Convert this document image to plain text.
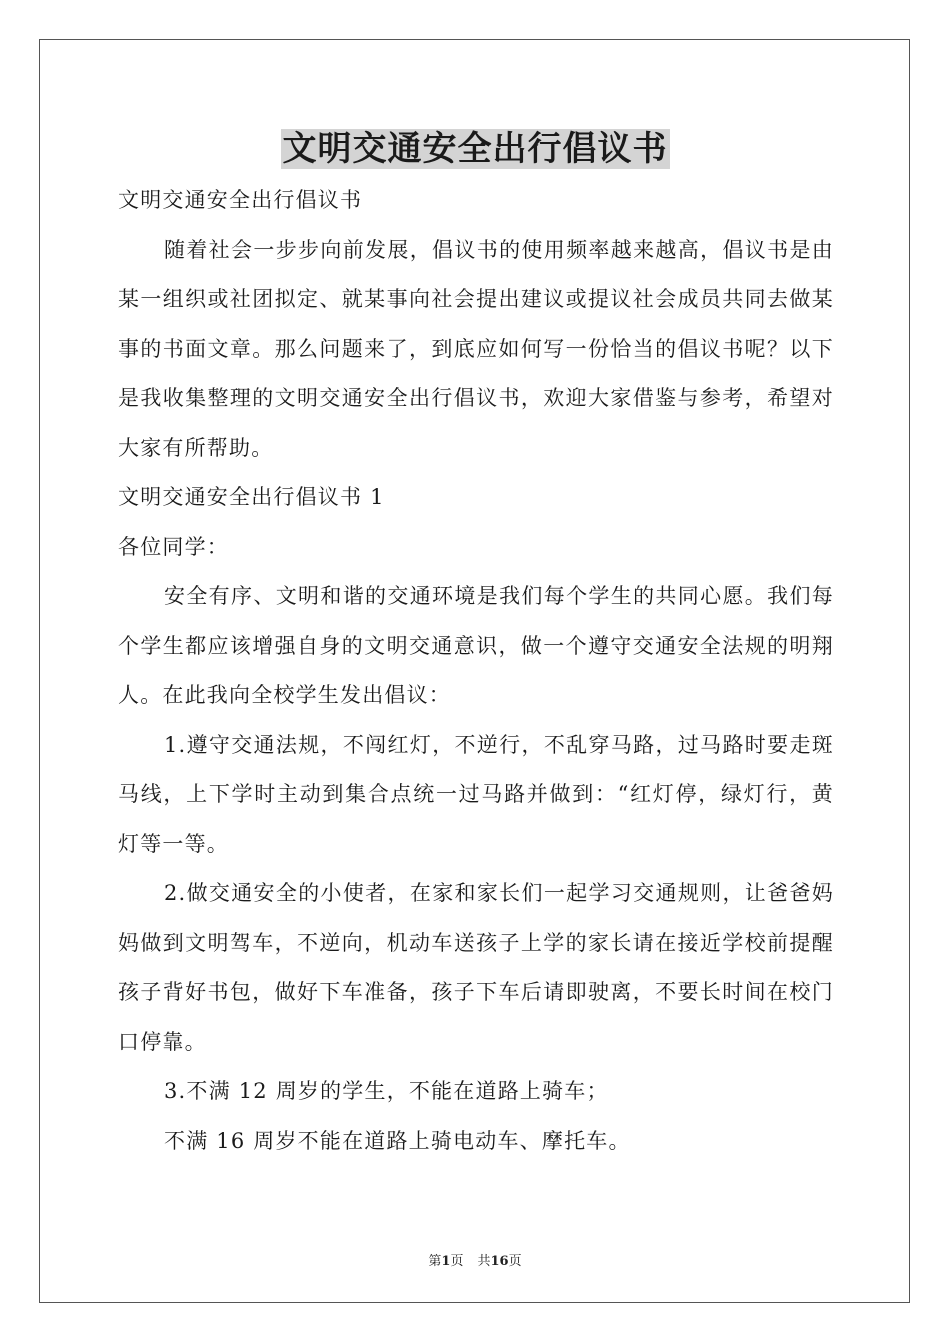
文明交通安全出行倡议书

文明交通安全出行倡议书

随着社会一步步向前发展，倡议书的使用频率越来越高，倡议书是由某一组织或社团拟定、就某事向社会提出建议或提议社会成员共同去做某事的书面文章。那么问题来了，到底应如何写一份恰当的倡议书呢？以下是我收集整理的文明交通安全出行倡议书，欢迎大家借鉴与参考，希望对大家有所帮助。

文明交通安全出行倡议书 1

各位同学：

安全有序、文明和谐的交通环境是我们每个学生的共同心愿。我们每个学生都应该增强自身的文明交通意识，做一个遵守交通安全法规的明翔人。在此我向全校学生发出倡议：

1.遵守交通法规，不闯红灯，不逆行，不乱穿马路，过马路时要走斑马线，上下学时主动到集合点统一过马路并做到：“红灯停，绿灯行，黄灯等一等。

2.做交通安全的小使者，在家和家长们一起学习交通规则，让爸爸妈妈做到文明驾车，不逆向，机动车送孩子上学的家长请在接近学校前提醒孩子背好书包，做好下车准备，孩子下车后请即驶离，不要长时间在校门口停靠。

3.不满 12 周岁的学生，不能在道路上骑车；

不满 16 周岁不能在道路上骑电动车、摩托车。

第1页 共16页
